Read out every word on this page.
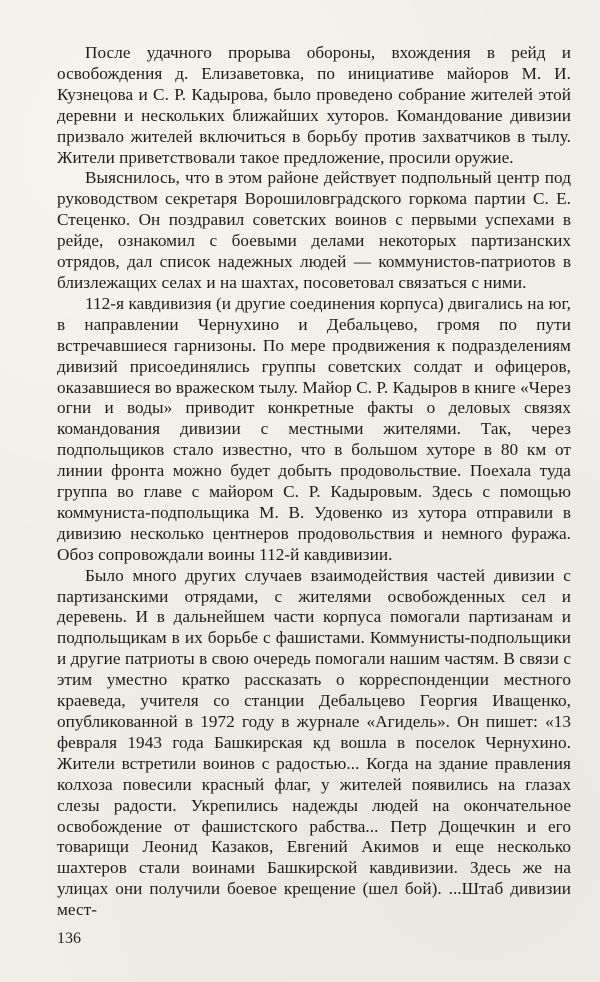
После удачного прорыва обороны, вхождения в рейд и освобождения д. Елизаветовка, по инициативе майоров М. И. Кузнецова и С. Р. Кадырова, было проведено собрание жителей этой деревни и нескольких ближайших хуторов. Командование дивизии призвало жителей включиться в борьбу против захватчиков в тылу. Жители приветствовали такое предложение, просили оружие.

Выяснилось, что в этом районе действует подпольный центр под руководством секретаря Ворошиловградского горкома партии С. Е. Стеценко. Он поздравил советских воинов с первыми успехами в рейде, ознакомил с боевыми делами некоторых партизанских отрядов, дал список надежных людей — коммунистов-патриотов в близлежащих селах и на шахтах, посоветовал связаться с ними.

112-я кавдивизия (и другие соединения корпуса) двигались на юг, в направлении Чернухино и Дебальцево, громя по пути встречавшиеся гарнизоны. По мере продвижения к подразделениям дивизий присоединялись группы советских солдат и офицеров, оказавшиеся во вражеском тылу. Майор С. Р. Кадыров в книге «Через огни и воды» приводит конкретные факты о деловых связях командования дивизии с местными жителями. Так, через подпольщиков стало известно, что в большом хуторе в 80 км от линии фронта можно будет добыть продовольствие. Поехала туда группа во главе с майором С. Р. Кадыровым. Здесь с помощью коммуниста-подпольщика М. В. Удовенко из хутора отправили в дивизию несколько центнеров продовольствия и немного фуража. Обоз сопровождали воины 112-й кавдивизии.

Было много других случаев взаимодействия частей дивизии с партизанскими отрядами, с жителями освобожденных сел и деревень. И в дальнейшем части корпуса помогали партизанам и подпольщикам в их борьбе с фашистами. Коммунисты-подпольщики и другие патриоты в свою очередь помогали нашим частям. В связи с этим уместно кратко рассказать о корреспонденции местного краеведа, учителя со станции Дебальцево Георгия Иващенко, опубликованной в 1972 году в журнале «Агидель». Он пишет: «13 февраля 1943 года Башкирская кд вошла в поселок Чернухино. Жители встретили воинов с радостью... Когда на здание правления колхоза повесили красный флаг, у жителей появились на глазах слезы радости. Укрепились надежды людей на окончательное освобождение от фашистского рабства... Петр Дощечкин и его товарищи Леонид Казаков, Евгений Акимов и еще несколько шахтеров стали воинами Башкирской кавдивизии. Здесь же на улицах они получили боевое крещение (шел бой). ...Штаб дивизии мест-

136
